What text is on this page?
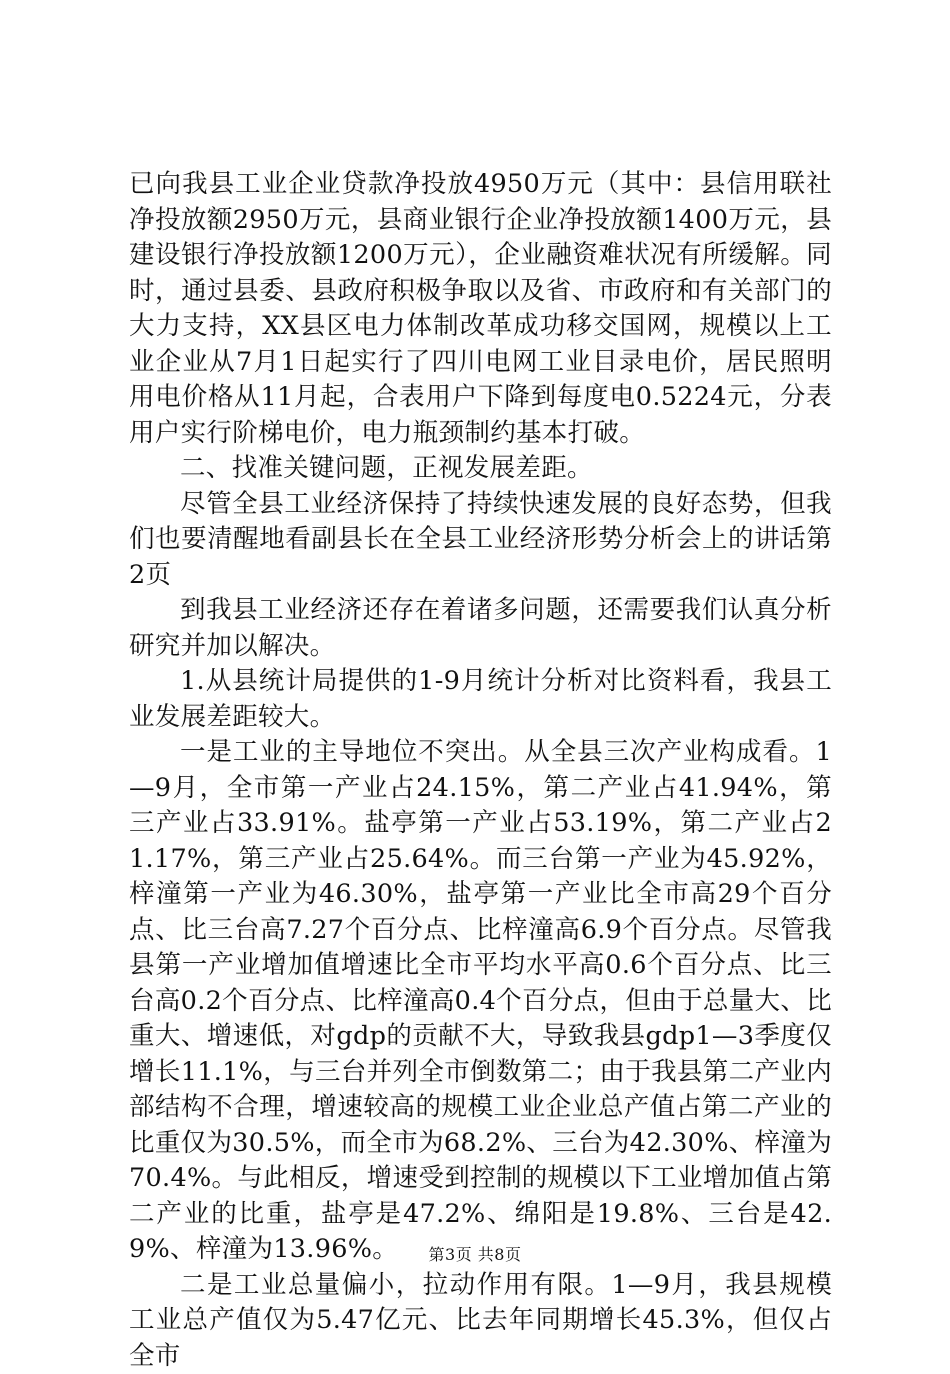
已向我县工业企业贷款净投放4950万元（其中：县信用联社净投放额2950万元，县商业银行企业净投放额1400万元，县建设银行净投放额1200万元），企业融资难状况有所缓解。同时，通过县委、县政府积极争取以及省、市政府和有关部门的大力支持，XX县区电力体制改革成功移交国网，规模以上工业企业从7月1日起实行了四川电网工业目录电价，居民照明用电价格从11月起，合表用户下降到每度电0.5224元，分表用户实行阶梯电价，电力瓶颈制约基本打破。

二、找准关键问题，正视发展差距。

尽管全县工业经济保持了持续快速发展的良好态势，但我们也要清醒地看副县长在全县工业经济形势分析会上的讲话第2页

到我县工业经济还存在着诸多问题，还需要我们认真分析研究并加以解决。

1.从县统计局提供的1-9月统计分析对比资料看，我县工业发展差距较大。

一是工业的主导地位不突出。从全县三次产业构成看。1—9月，全市第一产业占24.15%，第二产业占41.94%，第三产业占33.91%。盐亭第一产业占53.19%，第二产业占21.17%，第三产业占25.64%。而三台第一产业为45.92%，梓潼第一产业为46.30%，盐亭第一产业比全市高29个百分点、比三台高7.27个百分点、比梓潼高6.9个百分点。尽管我县第一产业增加值增速比全市平均水平高0.6个百分点、比三台高0.2个百分点、比梓潼高0.4个百分点，但由于总量大、比重大、增速低，对gdp的贡献不大，导致我县gdp1—3季度仅增长11.1%，与三台并列全市倒数第二；由于我县第二产业内部结构不合理，增速较高的规模工业企业总产值占第二产业的比重仅为30.5%，而全市为68.2%、三台为42.30%、梓潼为70.4%。与此相反，增速受到控制的规模以下工业增加值占第二产业的比重，盐亭是47.2%、绵阳是19.8%、三台是42.9%、梓潼为13.96%。

二是工业总量偏小，拉动作用有限。1—9月，我县规模工业总产值仅为5.47亿元、比去年同期增长45.3%，但仅占全市

第3页 共8页
